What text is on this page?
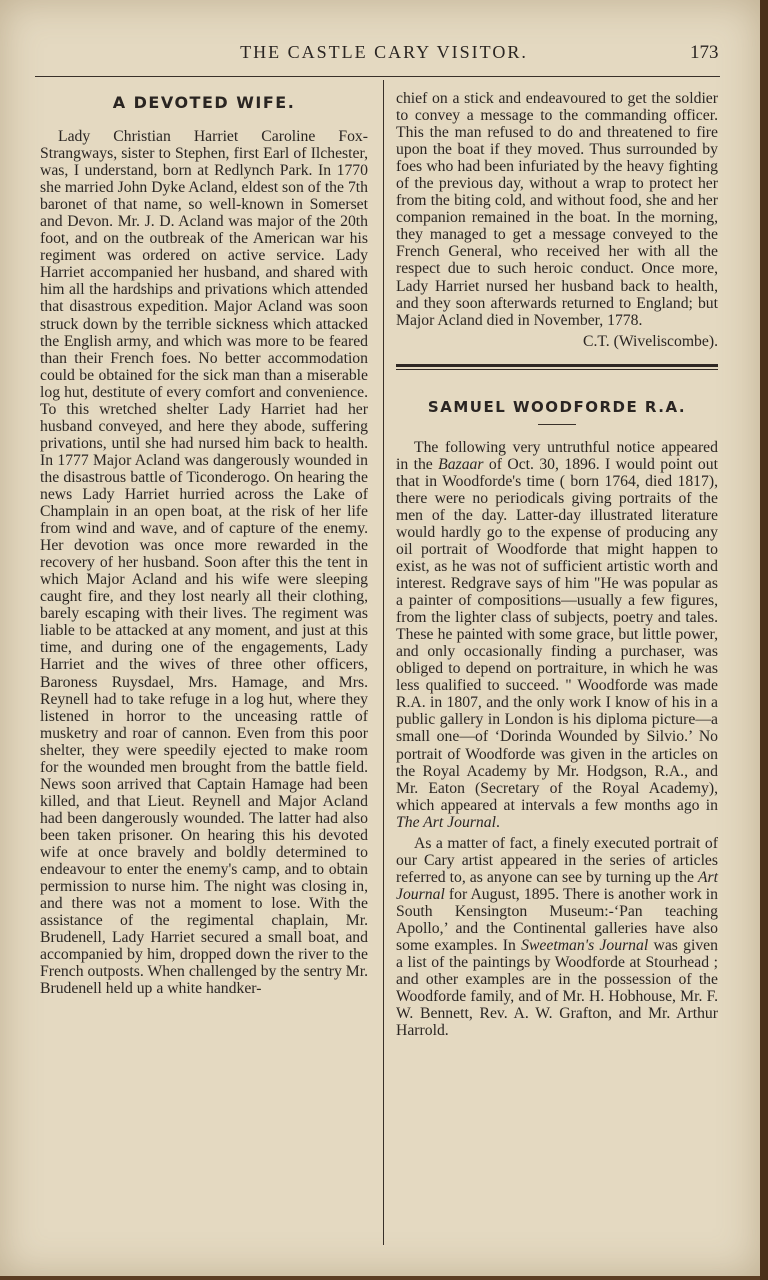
THE CASTLE CARY VISITOR.	173
A DEVOTED WIFE.

Lady Christian Harriet Caroline Fox-Strangways, sister to Stephen, first Earl of Ilchester, was, I understand, born at Redlynch Park. In 1770 she married John Dyke Acland, eldest son of the 7th baronet of that name, so well-known in Somerset and Devon. Mr. J. D. Acland was major of the 20th foot, and on the outbreak of the American war his regiment was ordered on active service. Lady Harriet accompanied her husband, and shared with him all the hardships and privations which attended that disastrous expedition. Major Acland was soon struck down by the terrible sickness which attacked the English army, and which was more to be feared than their French foes. No better accommodation could be obtained for the sick man than a miserable log hut, destitute of every comfort and convenience. To this wretched shelter Lady Harriet had her husband conveyed, and here they abode, suffering privations, until she had nursed him back to health. In 1777 Major Acland was dangerously wounded in the disastrous battle of Ticonderogo. On hearing the news Lady Harriet hurried across the Lake of Champlain in an open boat, at the risk of her life from wind and wave, and of capture of the enemy. Her devotion was once more rewarded in the recovery of her husband. Soon after this the tent in which Major Acland and his wife were sleeping caught fire, and they lost nearly all their clothing, barely escaping with their lives. The regiment was liable to be attacked at any moment, and just at this time, and during one of the engagements, Lady Harriet and the wives of three other officers, Baroness Ruysdael, Mrs. Hamage, and Mrs. Reynell had to take refuge in a log hut, where they listened in horror to the unceasing rattle of musketry and roar of cannon. Even from this poor shelter, they were speedily ejected to make room for the wounded men brought from the battle field. News soon arrived that Captain Hamage had been killed, and that Lieut. Reynell and Major Acland had been dangerously wounded. The latter had also been taken prisoner. On hearing this his devoted wife at once bravely and boldly determined to endeavour to enter the enemy's camp, and to obtain permission to nurse him. The night was closing in, and there was not a moment to lose. With the assistance of the regimental chaplain, Mr. Brudenell, Lady Harriet secured a small boat, and accompanied by him, dropped down the river to the French outposts. When challenged by the sentry Mr. Brudenell held up a white handker-

chief on a stick and endeavoured to get the soldier to convey a message to the commanding officer. This the man refused to do and threatened to fire upon the boat if they moved. Thus surrounded by foes who had been infuriated by the heavy fighting of the previous day, without a wrap to protect her from the biting cold, and without food, she and her companion remained in the boat. In the morning, they managed to get a message conveyed to the French General, who received her with all the respect due to such heroic conduct. Once more, Lady Harriet nursed her husband back to health, and they soon afterwards returned to England; but Major Acland died in November, 1778.

C.T. (Wiveliscombe).
SAMUEL WOODFORDE R.A.

The following very untruthful notice appeared in the Bazaar of Oct. 30, 1896. I would point out that in Woodforde's time ( born 1764, died 1817), there were no periodicals giving portraits of the men of the day. Latter-day illustrated literature would hardly go to the expense of producing any oil portrait of Woodforde that might happen to exist, as he was not of sufficient artistic worth and interest. Redgrave says of him "He was popular as a painter of compositions—usually a few figures, from the lighter class of subjects, poetry and tales. These he painted with some grace, but little power, and only occasionally finding a purchaser, was obliged to depend on portraiture, in which he was less qualified to succeed. " Woodforde was made R.A. in 1807, and the only work I know of his in a public gallery in London is his diploma picture—a small one—of ‘Dorinda Wounded by Silvio.’ No portrait of Woodforde was given in the articles on the Royal Academy by Mr. Hodgson, R.A., and Mr. Eaton (Secretary of the Royal Academy), which appeared at intervals a few months ago in The Art Journal.

As a matter of fact, a finely executed portrait of our Cary artist appeared in the series of articles referred to, as anyone can see by turning up the Art Journal for August, 1895. There is another work in South Kensington Museum:-‘Pan teaching Apollo,’ and the Continental galleries have also some examples. In Sweetman's Journal was given a list of the paintings by Woodforde at Stourhead ; and other examples are in the possession of the Woodforde family, and of Mr. H. Hobhouse, Mr. F. W. Bennett, Rev. A. W. Grafton, and Mr. Arthur Harrold.
